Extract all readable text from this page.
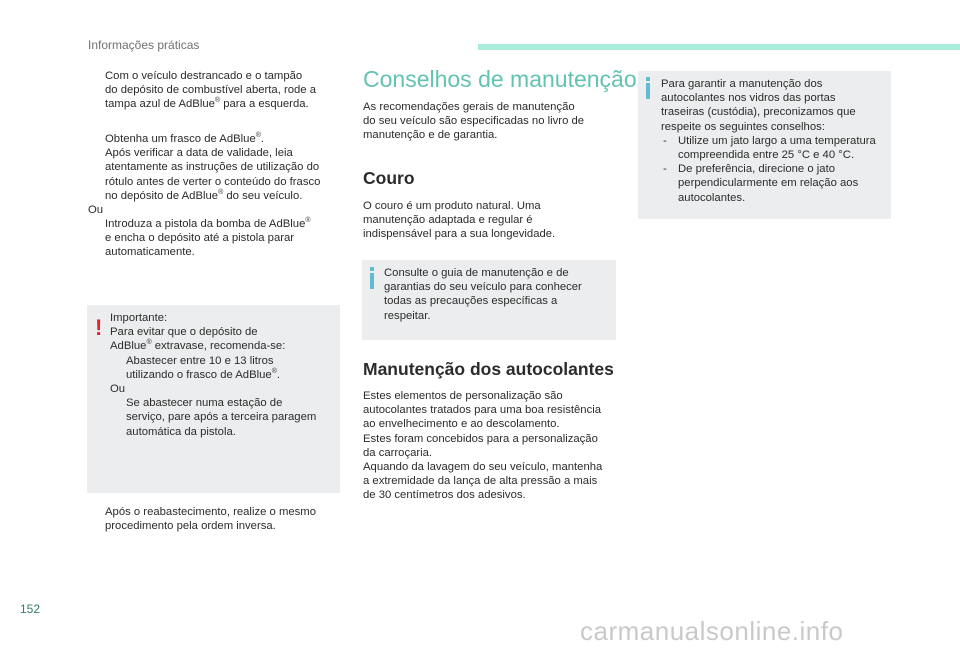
Informações práticas
Com o veículo destrancado e o tampão
do depósito de combustível aberta, rode a
tampa azul de AdBlue® para a esquerda.
Obtenha um frasco de AdBlue®.
Após verificar a data de validade, leia
atentamente as instruções de utilização do
rótulo antes de verter o conteúdo do frasco
no depósito de AdBlue® do seu veículo.
Ou
Introduza a pistola da bomba de AdBlue®
e encha o depósito até a pistola parar
automaticamente.
! Importante:
Para evitar que o depósito de
AdBlue® extravase, recomenda-se:
Abastecer entre 10 e 13 litros
utilizando o frasco de AdBlue®.
Ou
Se abastecer numa estação de
serviço, pare após a terceira paragem
automática da pistola.
Após o reabastecimento, realize o mesmo
procedimento pela ordem inversa.
Conselhos de manutenção
As recomendações gerais de manutenção
do seu veículo são especificadas no livro de
manutenção e de garantia.
Couro
O couro é um produto natural. Uma
manutenção adaptada e regular é
indispensável para a sua longevidade.
Consulte o guia de manutenção e de
garantias do seu veículo para conhecer
todas as precauções específicas a
respeitar.
Manutenção dos autocolantes
Estes elementos de personalização são
autocolantes tratados para uma boa resistência
ao envelhecimento e ao descolamento.
Estes foram concebidos para a personalização
da carroçaria.
Aquando da lavagem do seu veículo, mantenha
a extremidade da lança de alta pressão a mais
de 30 centímetros dos adesivos.
Para garantir a manutenção dos
autocolantes nos vidros das portas
traseiras (custódia), preconizamos que
respeite os seguintes conselhos:
- Utilize um jato largo a uma temperatura
compreendida entre 25 °C e 40 °C.
- De preferência, direcione o jato
perpendicularmente em relação aos
autocolantes.
152
carmanualsonline.info
